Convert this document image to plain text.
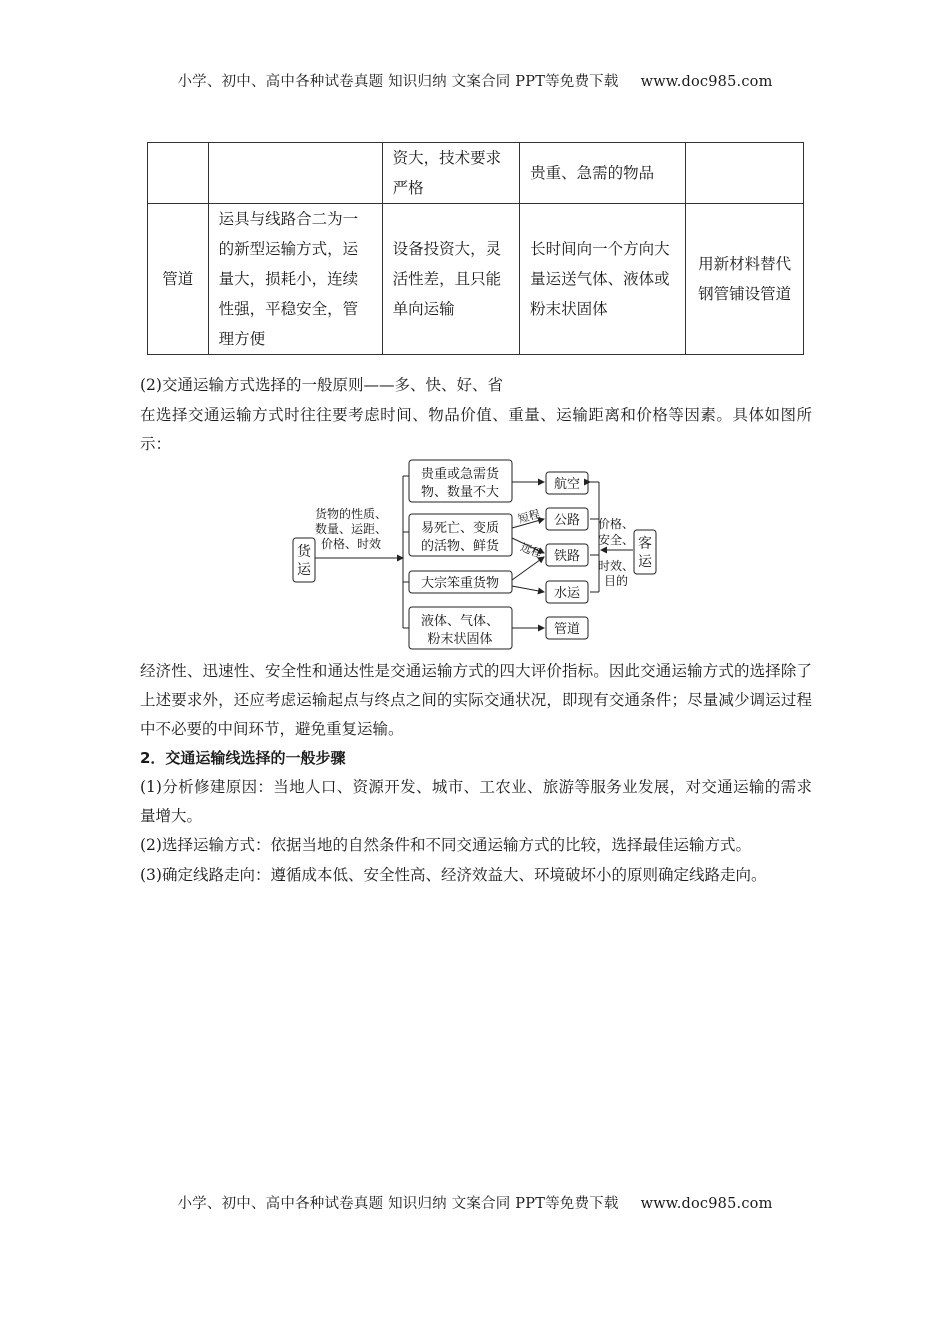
小学、初中、高中各种试卷真题 知识归纳 文案合同 PPT等免费下载 www.doc985.com
		资大，技术要求严格	贵重、急需的物品	
管道	运具与线路合二为一的新型运输方式，运量大，损耗小，连续性强，平稳安全，管理方便	设备投资大，灵活性差，且只能单向运输	长时间向一个方向大量运送气体、液体或粉末状固体	用新材料替代钢管铺设管道
(2)交通运输方式选择的一般原则——多、快、好、省
在选择交通运输方式时往往要考虑时间、物品价值、重量、运输距离和价格等因素。具体如图所示：
货
运
货物的性质、
数量、运距、
价格、时效
贵重或急需货
物、数量不大
易死亡、变质
的活物、鲜货
大宗笨重货物
液体、气体、
粉末状固体
航空
公路
铁路
水运
管道
短程
远程
价格、
安全、
时效、
目的
客
运
经济性、迅速性、安全性和通达性是交通运输方式的四大评价指标。因此交通运输方式的选择除了上述要求外，还应考虑运输起点与终点之间的实际交通状况，即现有交通条件；尽量减少调运过程中不必要的中间环节，避免重复运输。
2．交通运输线选择的一般步骤
(1)分析修建原因：当地人口、资源开发、城市、工农业、旅游等服务业发展，对交通运输的需求量增大。
(2)选择运输方式：依据当地的自然条件和不同交通运输方式的比较，选择最佳运输方式。
(3)确定线路走向：遵循成本低、安全性高、经济效益大、环境破坏小的原则确定线路走向。
小学、初中、高中各种试卷真题 知识归纳 文案合同 PPT等免费下载 www.doc985.com
